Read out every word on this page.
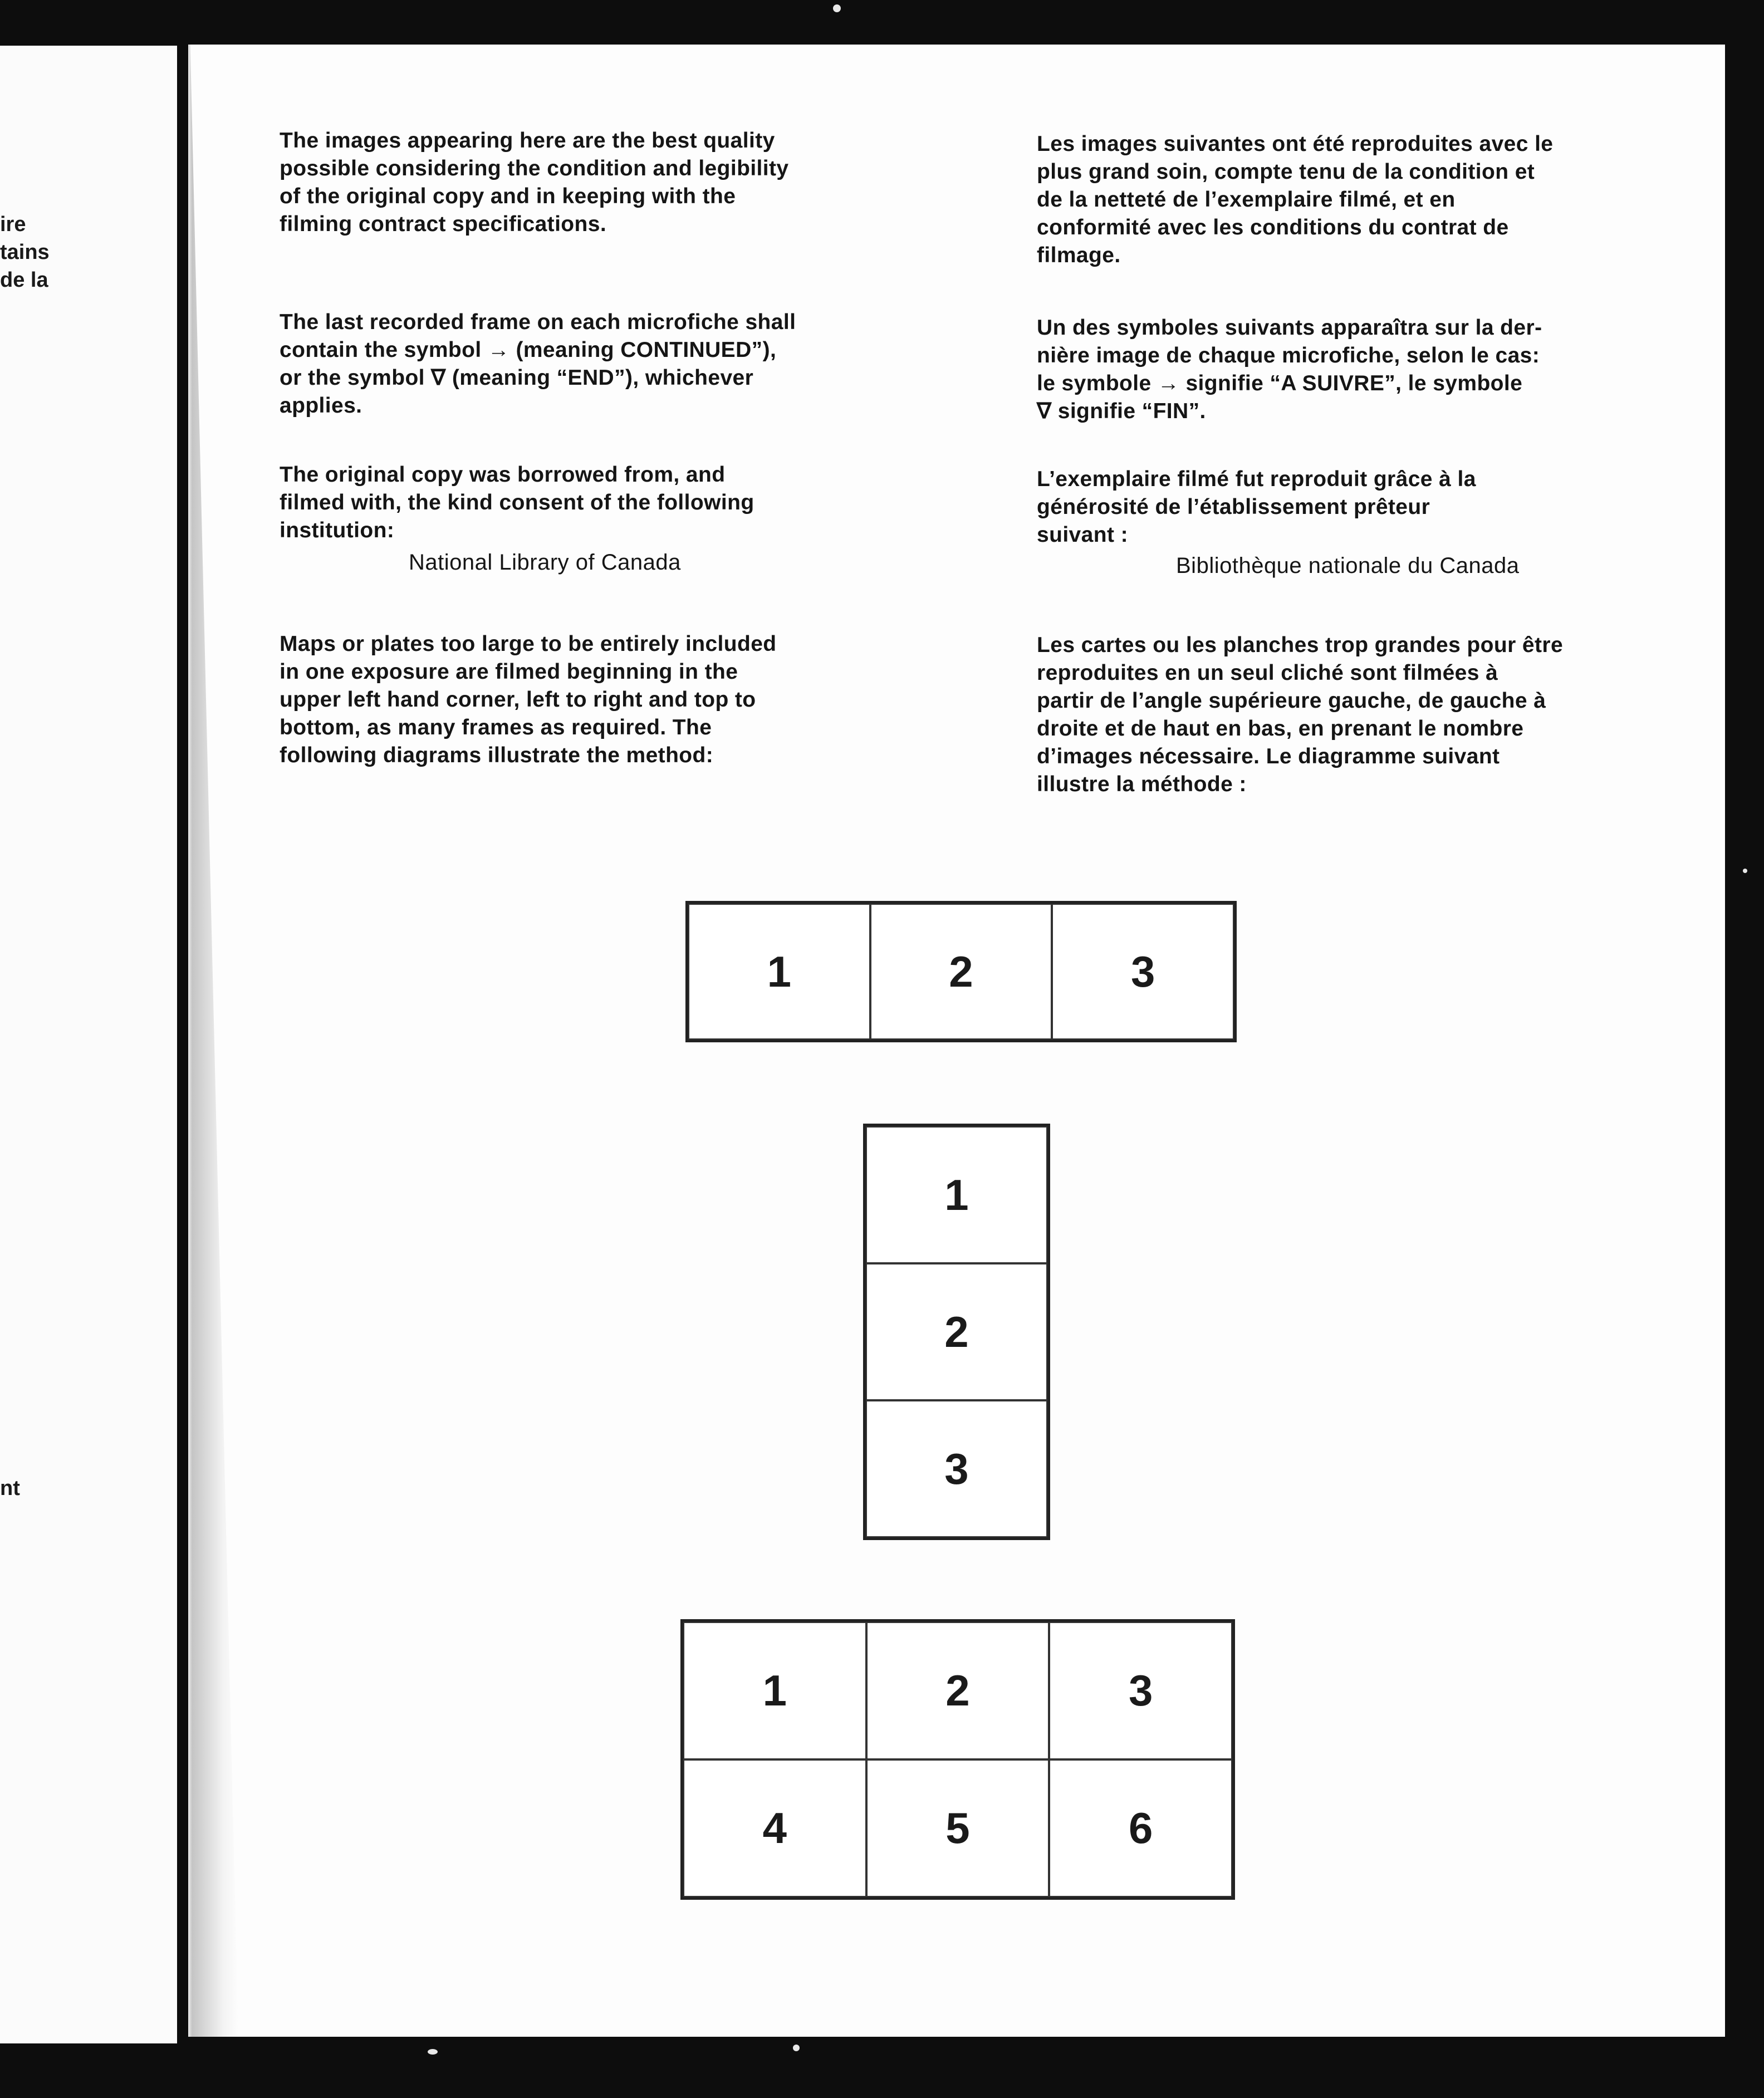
ire
tains
de la
nt
The images appearing here are the best quality
possible considering the condition and legibility
of the original copy and in keeping with the
filming contract specifications.
The last recorded frame on each microfiche shall
contain the symbol → (meaning CONTINUED”),
or the symbol ∇ (meaning “END”), whichever
applies.
The original copy was borrowed from, and
filmed with, the kind consent of the following
institution:
National Library of Canada
Maps or plates too large to be entirely included
in one exposure are filmed beginning in the
upper left hand corner, left to right and top to
bottom, as many frames as required. The
following diagrams illustrate the method:
Les images suivantes ont été reproduites avec le
plus grand soin, compte tenu de la condition et
de la netteté de l’exemplaire filmé, et en
conformité avec les conditions du contrat de
filmage.
Un des symboles suivants apparaîtra sur la der-
nière image de chaque microfiche, selon le cas:
le symbole → signifie “A SUIVRE”, le symbole
∇ signifie “FIN”.
L’exemplaire filmé fut reproduit grâce à la
générosité de l’établissement prêteur
suivant :
Bibliothèque nationale du Canada
Les cartes ou les planches trop grandes pour être
reproduites en un seul cliché sont filmées à
partir de l’angle supérieure gauche, de gauche à
droite et de haut en bas, en prenant le nombre
d’images nécessaire. Le diagramme suivant
illustre la méthode :
1	2	3
1
2
3
1	2	3
4	5	6
